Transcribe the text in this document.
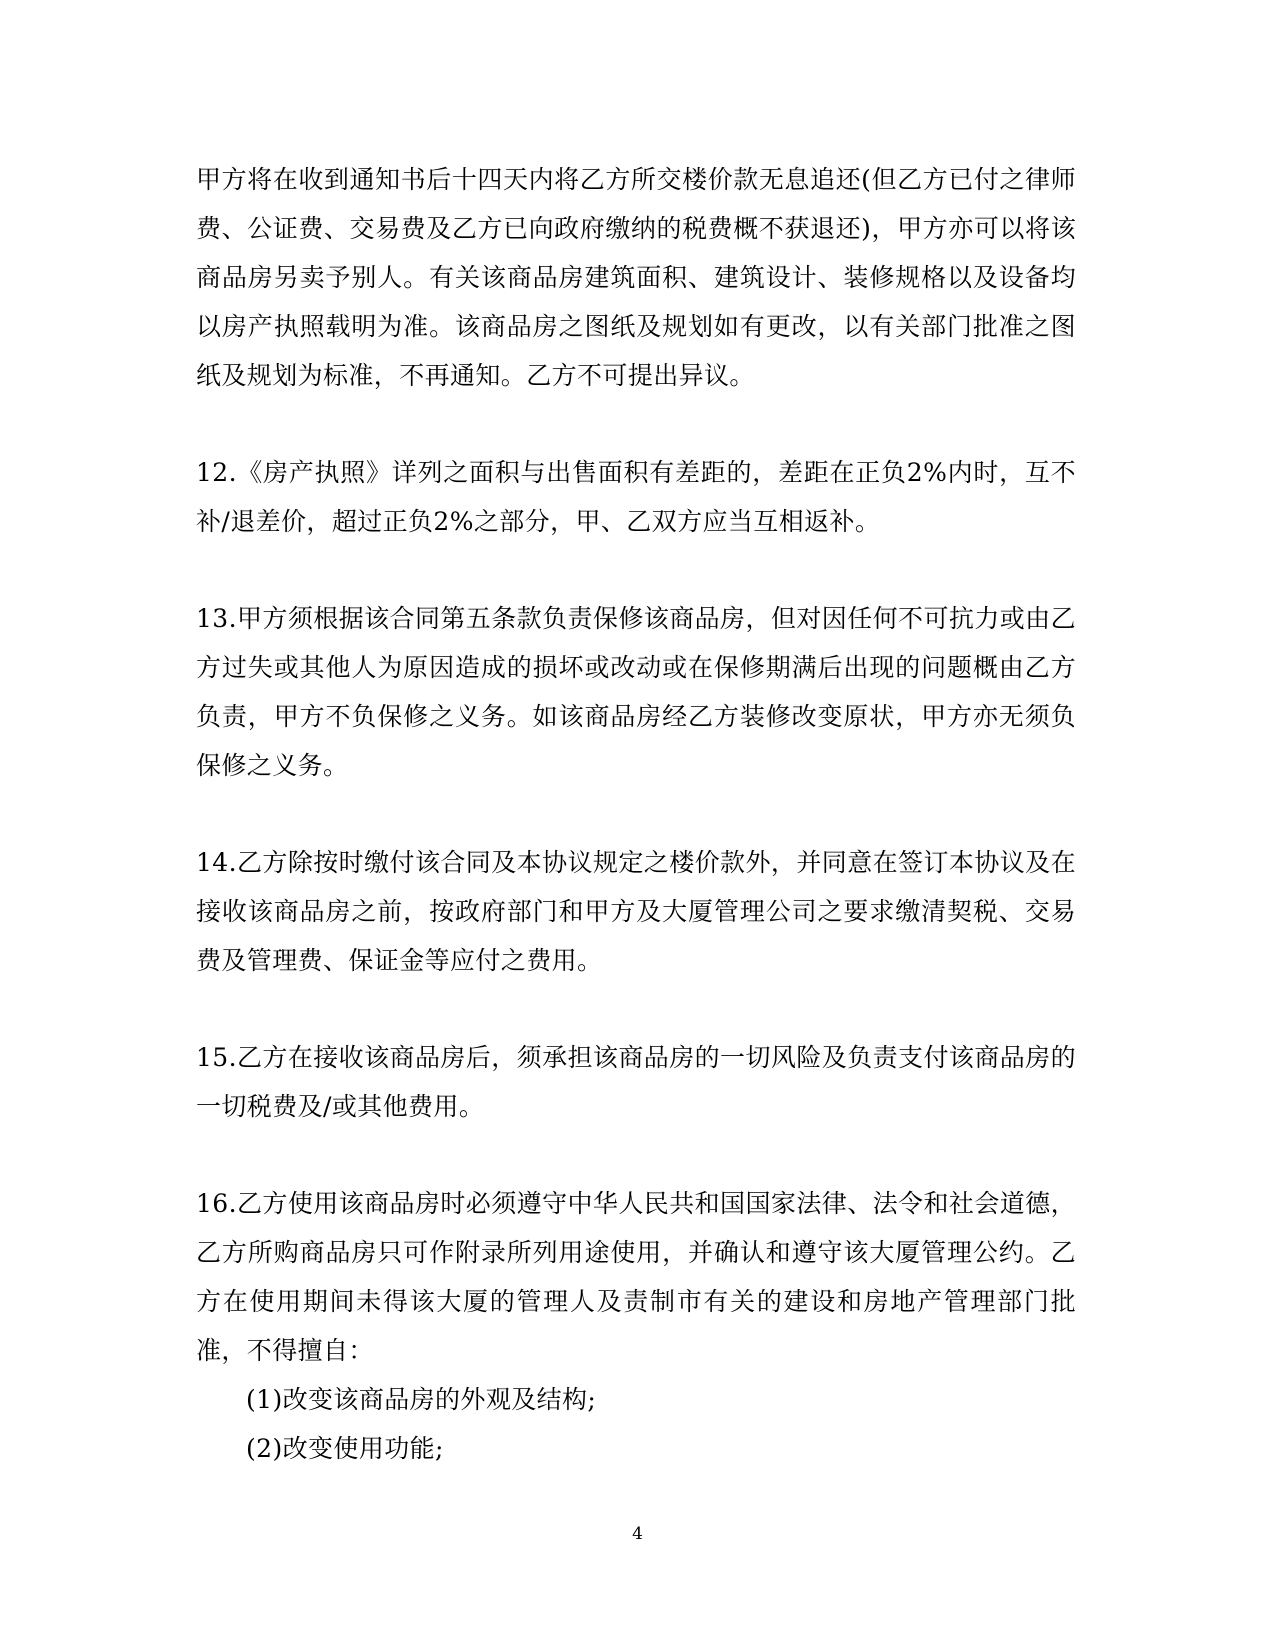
甲方将在收到通知书后十四天内将乙方所交楼价款无息追还(但乙方已付之律师费、公证费、交易费及乙方已向政府缴纳的税费概不获退还)，甲方亦可以将该商品房另卖予别人。有关该商品房建筑面积、建筑设计、装修规格以及设备均以房产执照载明为准。该商品房之图纸及规划如有更改，以有关部门批准之图纸及规划为标准，不再通知。乙方不可提出异议。

12.《房产执照》详列之面积与出售面积有差距的，差距在正负2%内时，互不补/退差价，超过正负2%之部分，甲、乙双方应当互相返补。

13.甲方须根据该合同第五条款负责保修该商品房，但对因任何不可抗力或由乙方过失或其他人为原因造成的损坏或改动或在保修期满后出现的问题概由乙方负责，甲方不负保修之义务。如该商品房经乙方装修改变原状，甲方亦无须负保修之义务。

14.乙方除按时缴付该合同及本协议规定之楼价款外，并同意在签订本协议及在接收该商品房之前，按政府部门和甲方及大厦管理公司之要求缴清契税、交易费及管理费、保证金等应付之费用。

15.乙方在接收该商品房后，须承担该商品房的一切风险及负责支付该商品房的一切税费及/或其他费用。

16.乙方使用该商品房时必须遵守中华人民共和国国家法律、法令和社会道德，乙方所购商品房只可作附录所列用途使用，并确认和遵守该大厦管理公约。乙方在使用期间未得该大厦的管理人及责制市有关的建设和房地产管理部门批准，不得擅自：

(1)改变该商品房的外观及结构;
(2)改变使用功能;
4
